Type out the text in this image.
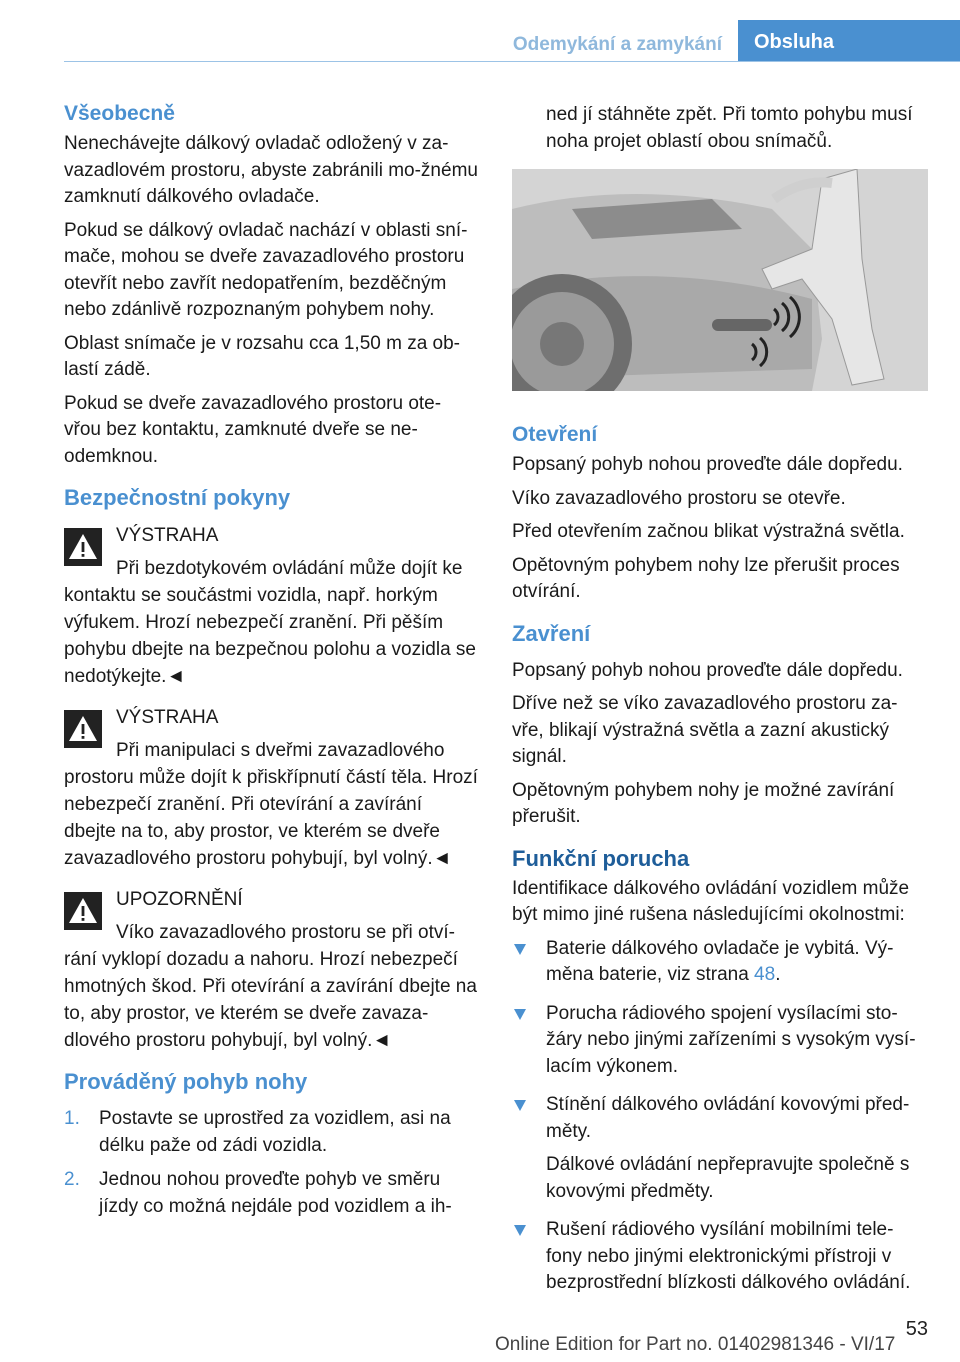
Odemykání a zamykání	Obsluha
Všeobecně

Nenechávejte dálkový ovladač odložený v za-vazadlovém prostoru, abyste zabránili mo-žnému zamknutí dálkového ovladače.

Pokud se dálkový ovladač nachází v oblasti sní-mače, mohou se dveře zavazadlového prostoru otevřít nebo zavřít nedopatřením, bezděčným nebo zdánlivě rozpoznaným pohybem nohy.

Oblast snímače je v rozsahu cca 1,50 m za ob-lastí zádě.

Pokud se dveře zavazadlového prostoru ote-vřou bez kontaktu, zamknuté dveře se ne-odemknou.

Bezpečnostní pokyny
VÝSTRAHA
Při bezdotykovém ovládání může dojít ke
kontaktu se součástmi vozidla, např. horkým výfukem. Hrozí nebezpečí zranění. Při pěším pohybu dbejte na bezpečnou polohu a vozidla se nedotýkejte.◄
VÝSTRAHA
Při manipulaci s dveřmi zavazadlového
prostoru může dojít k přiskřípnutí částí těla. Hrozí nebezpečí zranění. Při otevírání a zavírání dbejte na to, aby prostor, ve kterém se dveře zavazadlového prostoru pohybují, byl volný.◄
UPOZORNĚNÍ
Víko zavazadlového prostoru se při otví-
rání vyklopí dozadu a nahoru. Hrozí nebezpečí hmotných škod. Při otevírání a zavírání dbejte na to, aby prostor, ve kterém se dveře zavaza-dlového prostoru pohybují, byl volný.◄
Prováděný pohyb nohy
1. Postavte se uprostřed za vozidlem, asi na délku paže od zádi vozidla.
2. Jednou nohou proveďte pohyb ve směru jízdy co možná nejdále pod vozidlem a ih-

ned jí stáhněte zpět. Při tomto pohybu musí noha projet oblastí obou snímačů.

Otevření

Popsaný pohyb nohou proveďte dále dopředu.

Víko zavazadlového prostoru se otevře.

Před otevřením začnou blikat výstražná světla.

Opětovným pohybem nohy lze přerušit proces otvírání.

Zavření

Popsaný pohyb nohou proveďte dále dopředu.

Dříve než se víko zavazadlového prostoru za-vře, blikají výstražná světla a zazní akustický signál.

Opětovným pohybem nohy je možné zavírání přerušit.

Funkční porucha

Identifikace dálkového ovládání vozidlem může být mimo jiné rušena následujícími okolnostmi:

Baterie dálkového ovladače je vybitá. Vý-měna baterie, viz strana 48.
Porucha rádiového spojení vysílacími sto-žáry nebo jinými zařízeními s vysokým vysí-lacím výkonem.
Stínění dálkového ovládání kovovými před-měty.
Dálkové ovládání nepřepravujte společně s kovovými předměty.
Rušení rádiového vysílání mobilními tele-fony nebo jinými elektronickými přístroji v bezprostřední blízkosti dálkového ovládání.
53
Online Edition for Part no. 01402981346 - VI/17
